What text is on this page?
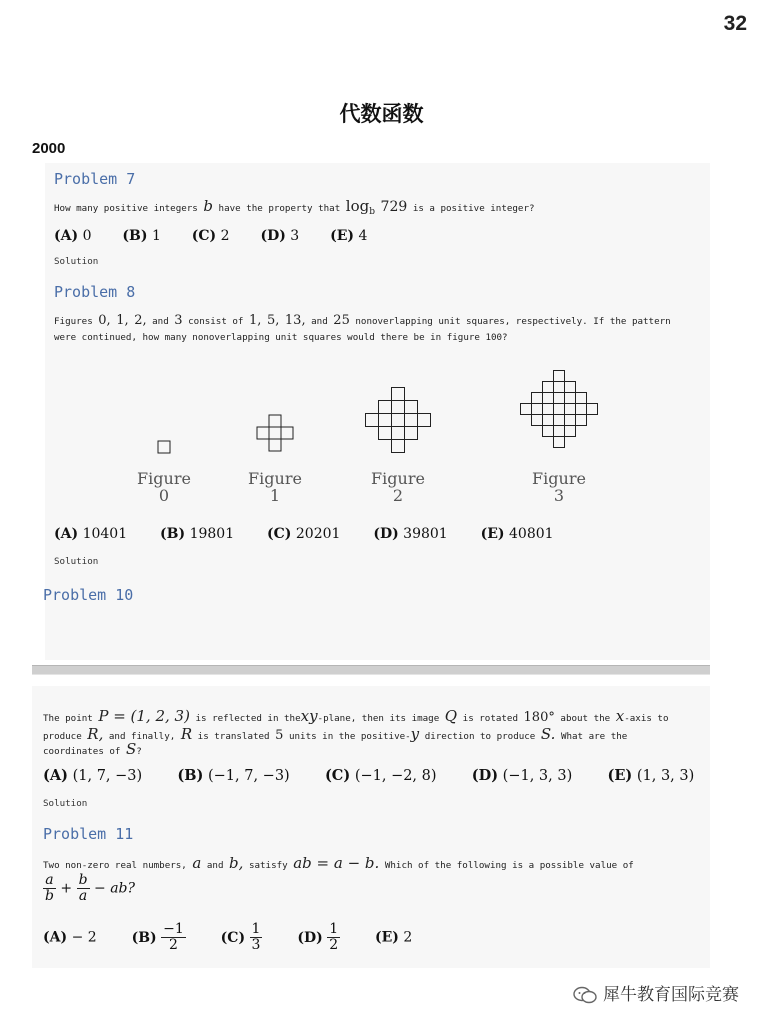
32
代数函数
2000
Problem 7
How many positive integers b have the property that $\log_b 729$ is a positive integer?
(A) 0 (B) 1 (C) 2 (D) 3 (E) 4
Solution
Problem 8
Figures 0, 1, 2, and 3 consist of 1, 5, 13, and 25 nonoverlapping unit squares, respectively. If the pattern
were continued, how many nonoverlapping unit squares would there be in figure 100?
Figure
0
Figure
1
Figure
2
Figure
3
(A) 10401 (B) 19801 (C) 20201 (D) 39801 (E) 40801
Solution
Problem 10
The point P = (1, 2, 3) is reflected in thexy-plane, then its image Q is rotated 180° about the x-axis to
produce R, and finally, R is translated 5 units in the positive-y direction to produce S. What are the
coordinates of S?
(A) (1, 7, −3) (B) (−1, 7, −3) (C) (−1, −2, 8) (D) (−1, 3, 3) (E) (1, 3, 3)
Solution
Problem 11
Two non-zero real numbers, a and b, satisfy ab = a − b. Which of the following is a possible value of
$\frac{a}{b} + \frac{b}{a}$ − ab?
(A) − 2 $(B) \frac{-1}{2} (C) \frac{1}{3} (D) \frac{1}{2} (E)$ 2
犀牛教育国际竞赛
